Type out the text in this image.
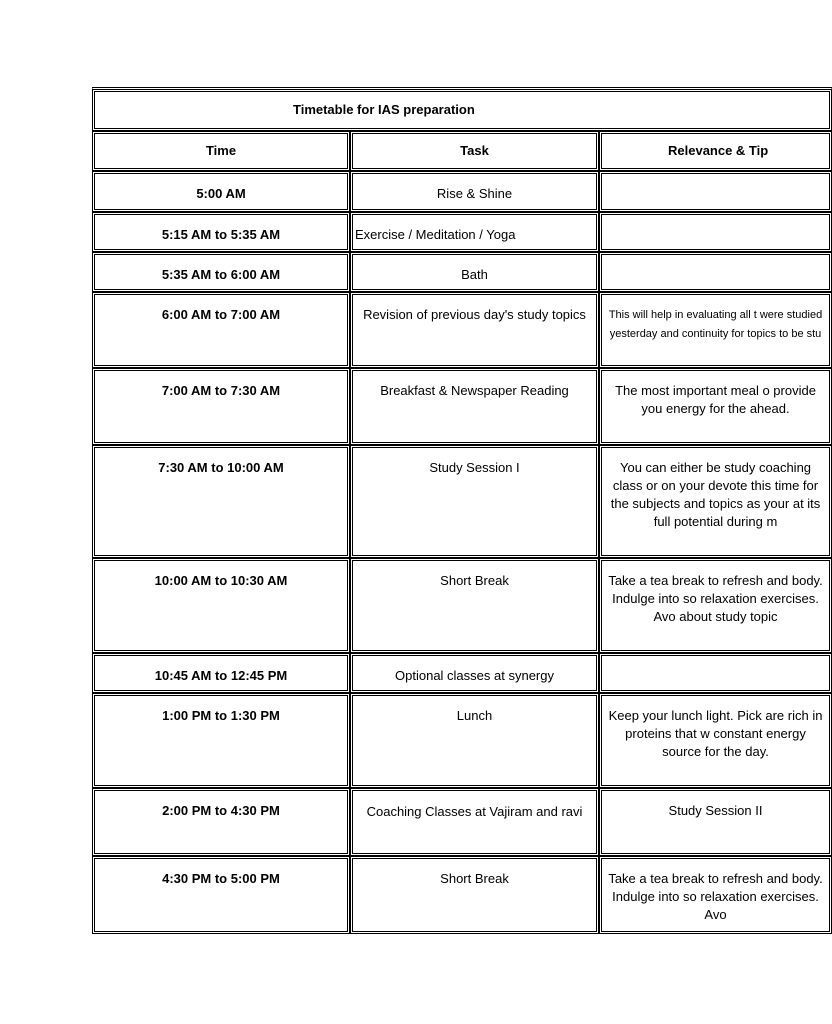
Timetable for IAS preparation		
Time	Task	Relevance & Tip
5:00 AM	Rise & Shine	
5:15 AM to 5:35 AM	Exercise / Meditation / Yoga	
5:35 AM to 6:00 AM	Bath	
6:00 AM to 7:00 AM	Revision of previous day's study topics	This will help in evaluating all t were studied yesterday and continuity for topics to be stu
7:00 AM to 7:30 AM	Breakfast & Newspaper Reading	The most important meal o provide you energy for the ahead.
7:30 AM to 10:00 AM	Study Session I	You can either be study coaching class or on your devote this time for the subjects and topics as your at its full potential during m
10:00 AM to 10:30 AM	Short Break	Take a tea break to refresh and body. Indulge into so relaxation exercises. Avo about study topic
10:45 AM to 12:45 PM	Optional classes at synergy	
1:00 PM to 1:30 PM	Lunch	Keep your lunch light. Pick are rich in proteins that w constant energy source for the day.
2:00 PM to 4:30 PM	Coaching Classes at Vajiram and ravi	Study Session II
4:30 PM to 5:00 PM	Short Break	Take a tea break to refresh and body. Indulge into so relaxation exercises. Avo
